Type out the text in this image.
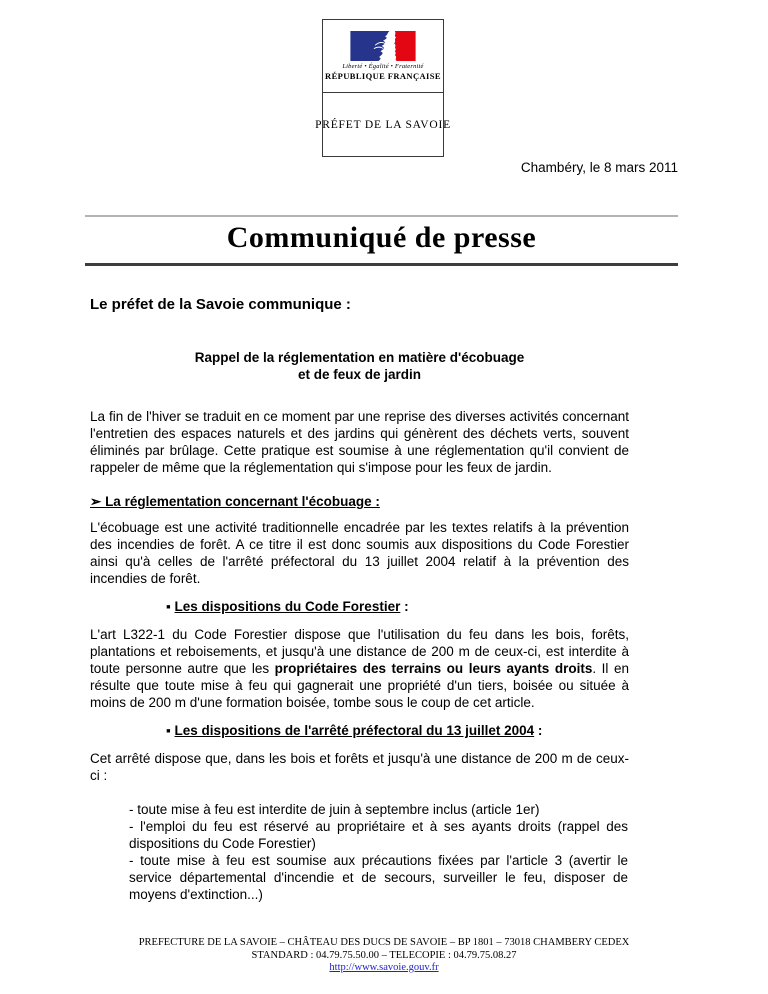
Liberté • Égalité • Fraternité
RÉPUBLIQUE FRANÇAISE
PRÉFET DE LA SAVOIE
Chambéry, le 8 mars 2011
Communiqué de presse
Le préfet de la Savoie communique :
Rappel de la réglementation en matière d'écobuage
et de feux de jardin

La fin de l'hiver se traduit en ce moment par une reprise des diverses activités concernant l'entretien des espaces naturels et des jardins qui génèrent des déchets verts, souvent éliminés par brûlage. Cette pratique est soumise à une réglementation qu'il convient de rappeler de même que la réglementation qui s'impose pour les feux de jardin.

➢ La réglementation concernant l'écobuage :

L'écobuage est une activité traditionnelle encadrée par les textes relatifs à la prévention des incendies de forêt. A ce titre il est donc soumis aux dispositions du Code Forestier ainsi qu'à celles de l'arrêté préfectoral du 13 juillet 2004 relatif à la prévention des incendies de forêt.

▪ Les dispositions du Code Forestier :

L'art L322-1 du Code Forestier dispose que l'utilisation du feu dans les bois, forêts, plantations et reboisements, et jusqu'à une distance de 200 m de ceux-ci, est interdite à toute personne autre que les propriétaires des terrains ou leurs ayants droits. Il en résulte que toute mise à feu qui gagnerait une propriété d'un tiers, boisée ou située à moins de 200 m d'une formation boisée, tombe sous le coup de cet article.

▪ Les dispositions de l'arrêté préfectoral du 13 juillet 2004 :

Cet arrêté dispose que, dans les bois et forêts et jusqu'à une distance de 200 m de ceux-ci :

- toute mise à feu est interdite de juin à septembre inclus (article 1er)

- l'emploi du feu est réservé au propriétaire et à ses ayants droits (rappel des dispositions du Code Forestier)

- toute mise à feu est soumise aux précautions fixées par l'article 3 (avertir le service départemental d'incendie et de secours, surveiller le feu, disposer de moyens d'extinction...)

PREFECTURE DE LA SAVOIE – CHÂTEAU DES DUCS DE SAVOIE – BP 1801 – 73018 CHAMBERY CEDEX
STANDARD : 04.79.75.50.00 – TELECOPIE : 04.79.75.08.27
http://www.savoie.gouv.fr
